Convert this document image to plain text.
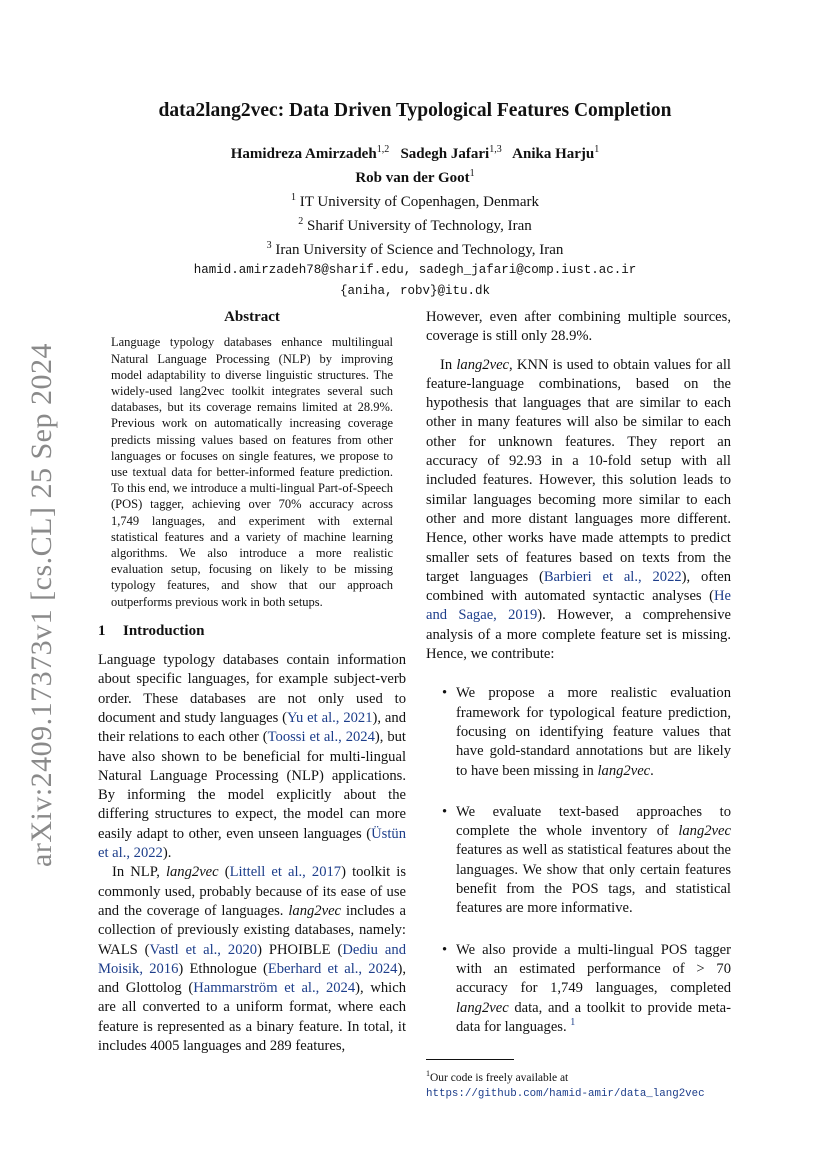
arXiv:2409.17373v1 [cs.CL] 25 Sep 2024
data2lang2vec: Data Driven Typological Features Completion
Hamidreza Amirzadeh$^{1,2}$ Sadegh Jafari$^{1,3}$ Anika Harju$^1$
Rob van der Goot$^1$
$^1$ IT University of Copenhagen, Denmark
$^2$ Sharif University of Technology, Iran
$^3$ Iran University of Science and Technology, Iran
hamid.amirzadeh78@sharif.edu, sadegh_jafari@comp.iust.ac.ir
{aniha, robv}@itu.dk
Abstract

Language typology databases enhance multilingual Natural Language Processing (NLP) by improving model adaptability to diverse linguistic structures. The widely-used lang2vec toolkit integrates several such databases, but its coverage remains limited at 28.9%. Previous work on automatically increasing coverage predicts missing values based on features from other languages or focuses on single features, we propose to use textual data for better-informed feature prediction. To this end, we introduce a multi-lingual Part-of-Speech (POS) tagger, achieving over 70% accuracy across 1,749 languages, and experiment with external statistical features and a variety of machine learning algorithms. We also introduce a more realistic evaluation setup, focusing on likely to be missing typology features, and show that our approach outperforms previous work in both setups.

1 Introduction

Language typology databases contain information about specific languages, for example subject-verb order. These databases are not only used to document and study languages (Yu et al., 2021), and their relations to each other (Toossi et al., 2024), but have also shown to be beneficial for multi-lingual Natural Language Processing (NLP) applications. By informing the model explicitly about the differing structures to expect, the model can more easily adapt to other, even unseen languages (Üstün et al., 2022).

In NLP, lang2vec (Littell et al., 2017) toolkit is commonly used, probably because of its ease of use and the coverage of languages. lang2vec includes a collection of previously existing databases, namely: WALS (Vastl et al., 2020) PHOIBLE (Dediu and Moisik, 2016) Ethnologue (Eberhard et al., 2024), and Glottolog (Hammarström et al., 2024), which are all converted to a uniform format, where each feature is represented as a binary feature. In total, it includes 4005 languages and 289 features,

However, even after combining multiple sources, coverage is still only 28.9%.

In lang2vec, KNN is used to obtain values for all feature-language combinations, based on the hypothesis that languages that are similar to each other in many features will also be similar to each other for unknown features. They report an accuracy of 92.93 in a 10-fold setup with all included features. However, this solution leads to similar languages becoming more similar to each other and more distant languages more different. Hence, other works have made attempts to predict smaller sets of features based on texts from the target languages (Barbieri et al., 2022), often combined with automated syntactic analyses (He and Sagae, 2019). However, a comprehensive analysis of a more complete feature set is missing. Hence, we contribute:

• We propose a more realistic evaluation framework for typological feature prediction, focusing on identifying feature values that have gold-standard annotations but are likely to have been missing in lang2vec.
• We evaluate text-based approaches to complete the whole inventory of lang2vec features as well as statistical features about the languages. We show that only certain features benefit from the POS tags, and statistical features are more informative.
• We also provide a multi-lingual POS tagger with an estimated performance of > 70 accuracy for 1,749 languages, completed lang2vec data, and a toolkit to provide meta-data for languages. $^1$
$^1$Our code is freely available at https://github.com/hamid-amir/data_lang2vec
